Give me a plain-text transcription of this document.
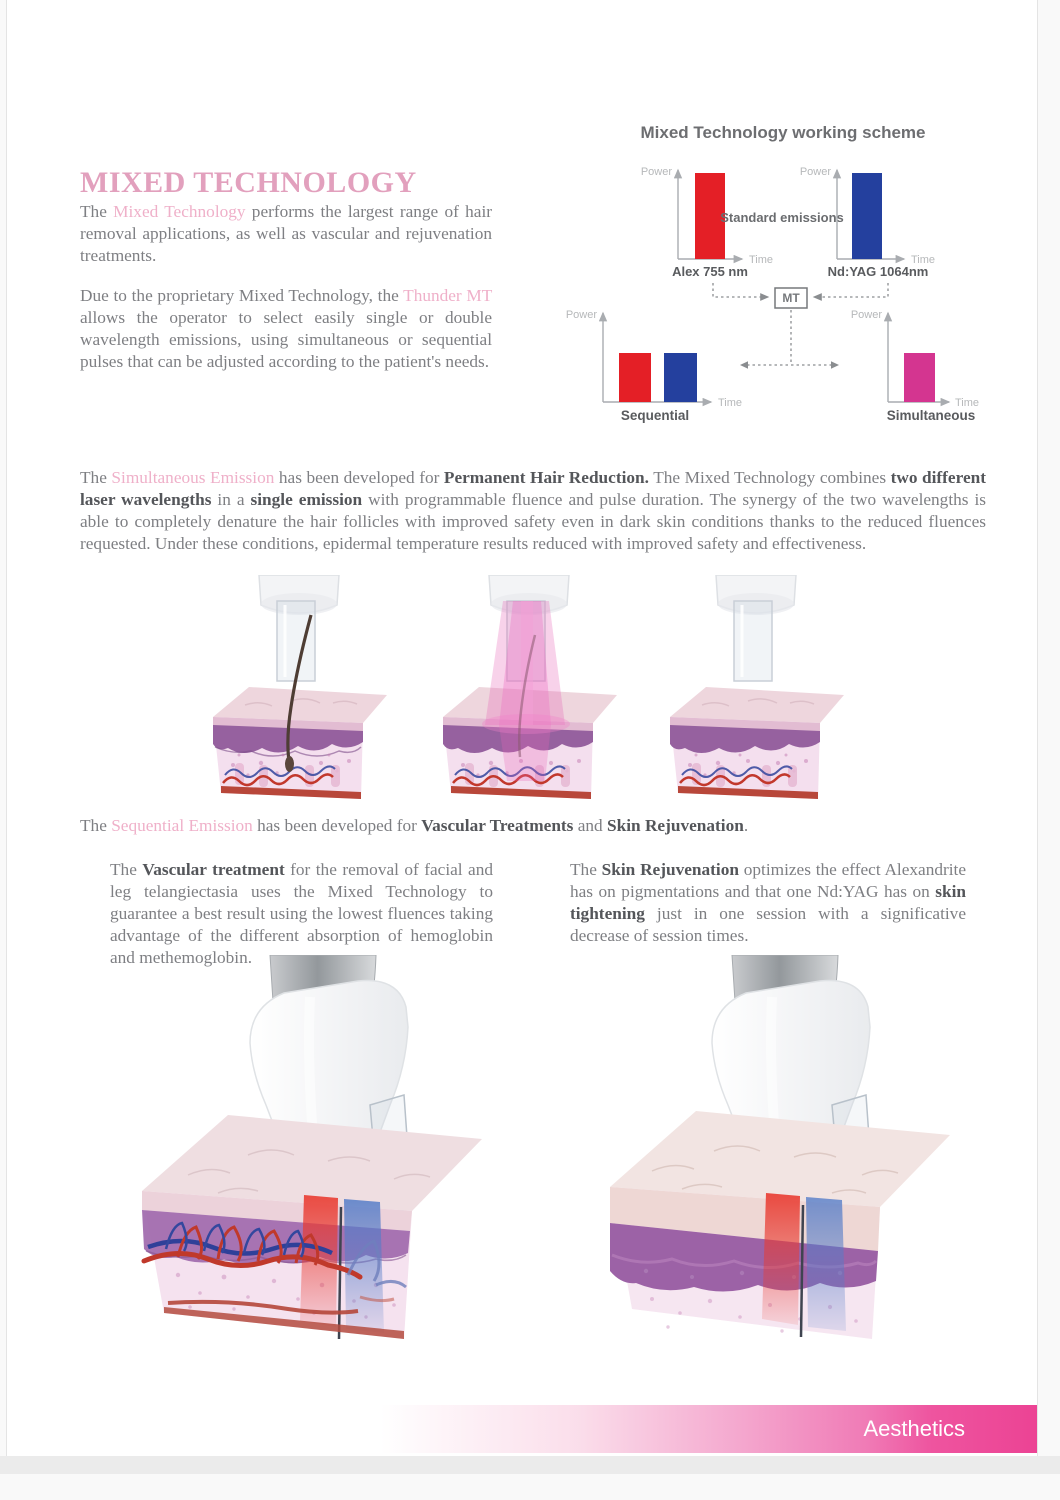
MIXED TECHNOLOGY

The Mixed Technology performs the largest range of hair removal applications, as well as vascular and rejuvenation treatments.

Due to the proprietary Mixed Technology, the Thunder MT allows the operator to select easily single or double wavelength emissions, using simultaneous or sequential pulses that can be adjusted according to the patient's needs.

Mixed Technology working scheme
Power
Time
Alex 755 nm
Standard emissions
Power
Time
Nd:YAG 1064nm
MT
Power
Time
Sequential
Power
Time
Simultaneous

The Simultaneous Emission has been developed for Permanent Hair Reduction. The Mixed Technology combines two different laser wavelengths in a single emission with programmable fluence and pulse duration. The synergy of the two wavelengths is able to completely denature the hair follicles with improved safety even in dark skin conditions thanks to the reduced fluences requested. Under these conditions, epidermal temperature results reduced with improved safety and effectiveness.

The Sequential Emission has been developed for Vascular Treatments and Skin Rejuvenation.

The Vascular treatment for the removal of facial and leg telangiectasia uses the Mixed Technology to guarantee a best result using the lowest fluences taking advantage of the different absorption of hemoglobin and methemoglobin.

The Skin Rejuvenation optimizes the effect Alexandrite has on pigmentations and that one Nd:YAG has on skin tightening just in one session with a significative decrease of session times.

Aesthetics
